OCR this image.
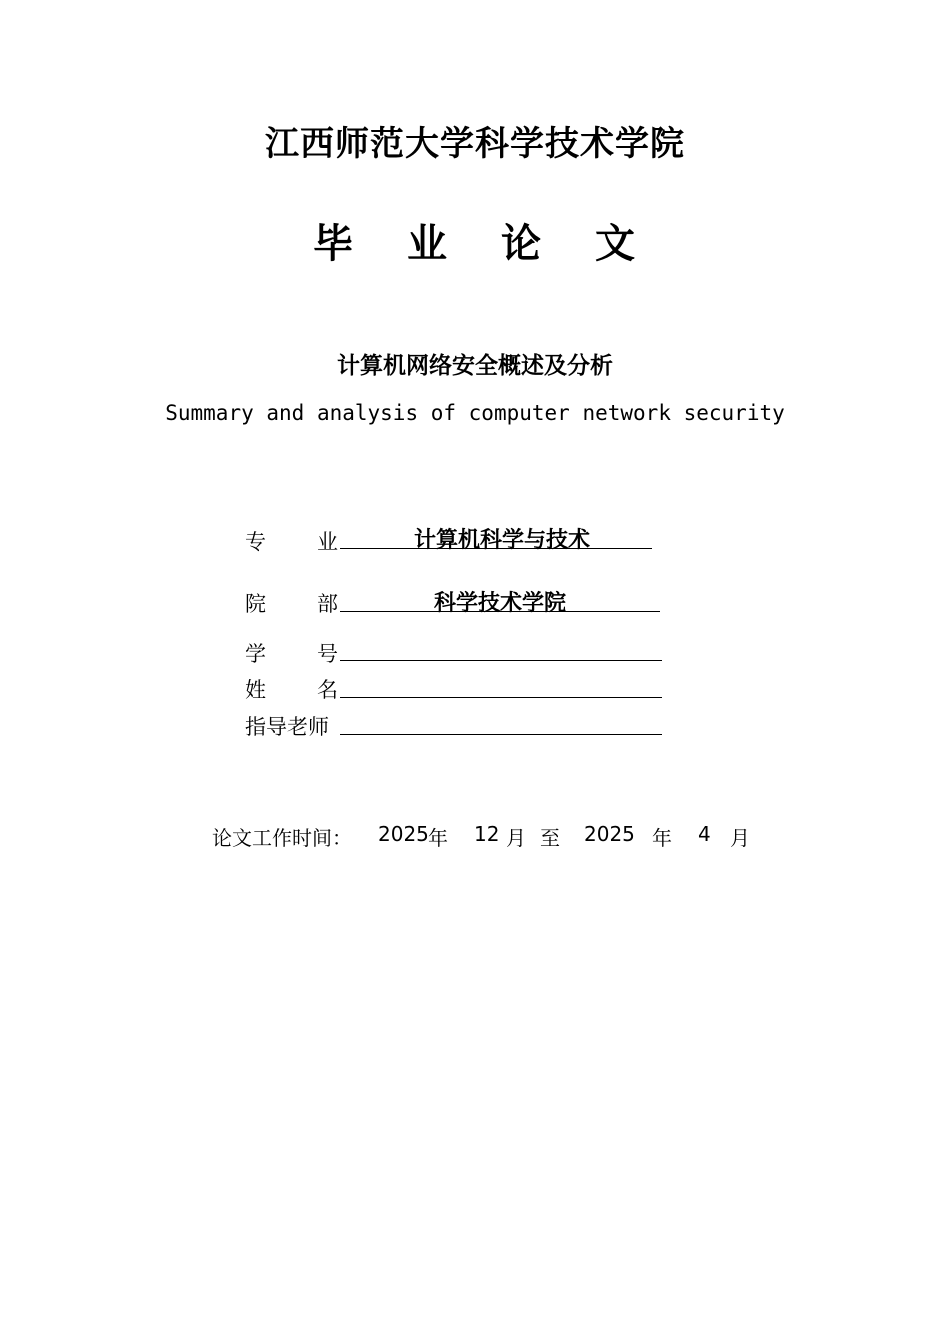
江西师范大学科学技术学院
毕 业 论 文
计算机网络安全概述及分析
Summary and analysis of computer network security
专 业	计算机科学与技术
院 部	科学技术学院
学 号
姓 名
指导老师
论文工作时间： 2025 年 12 月 至 2025 年 4 月
